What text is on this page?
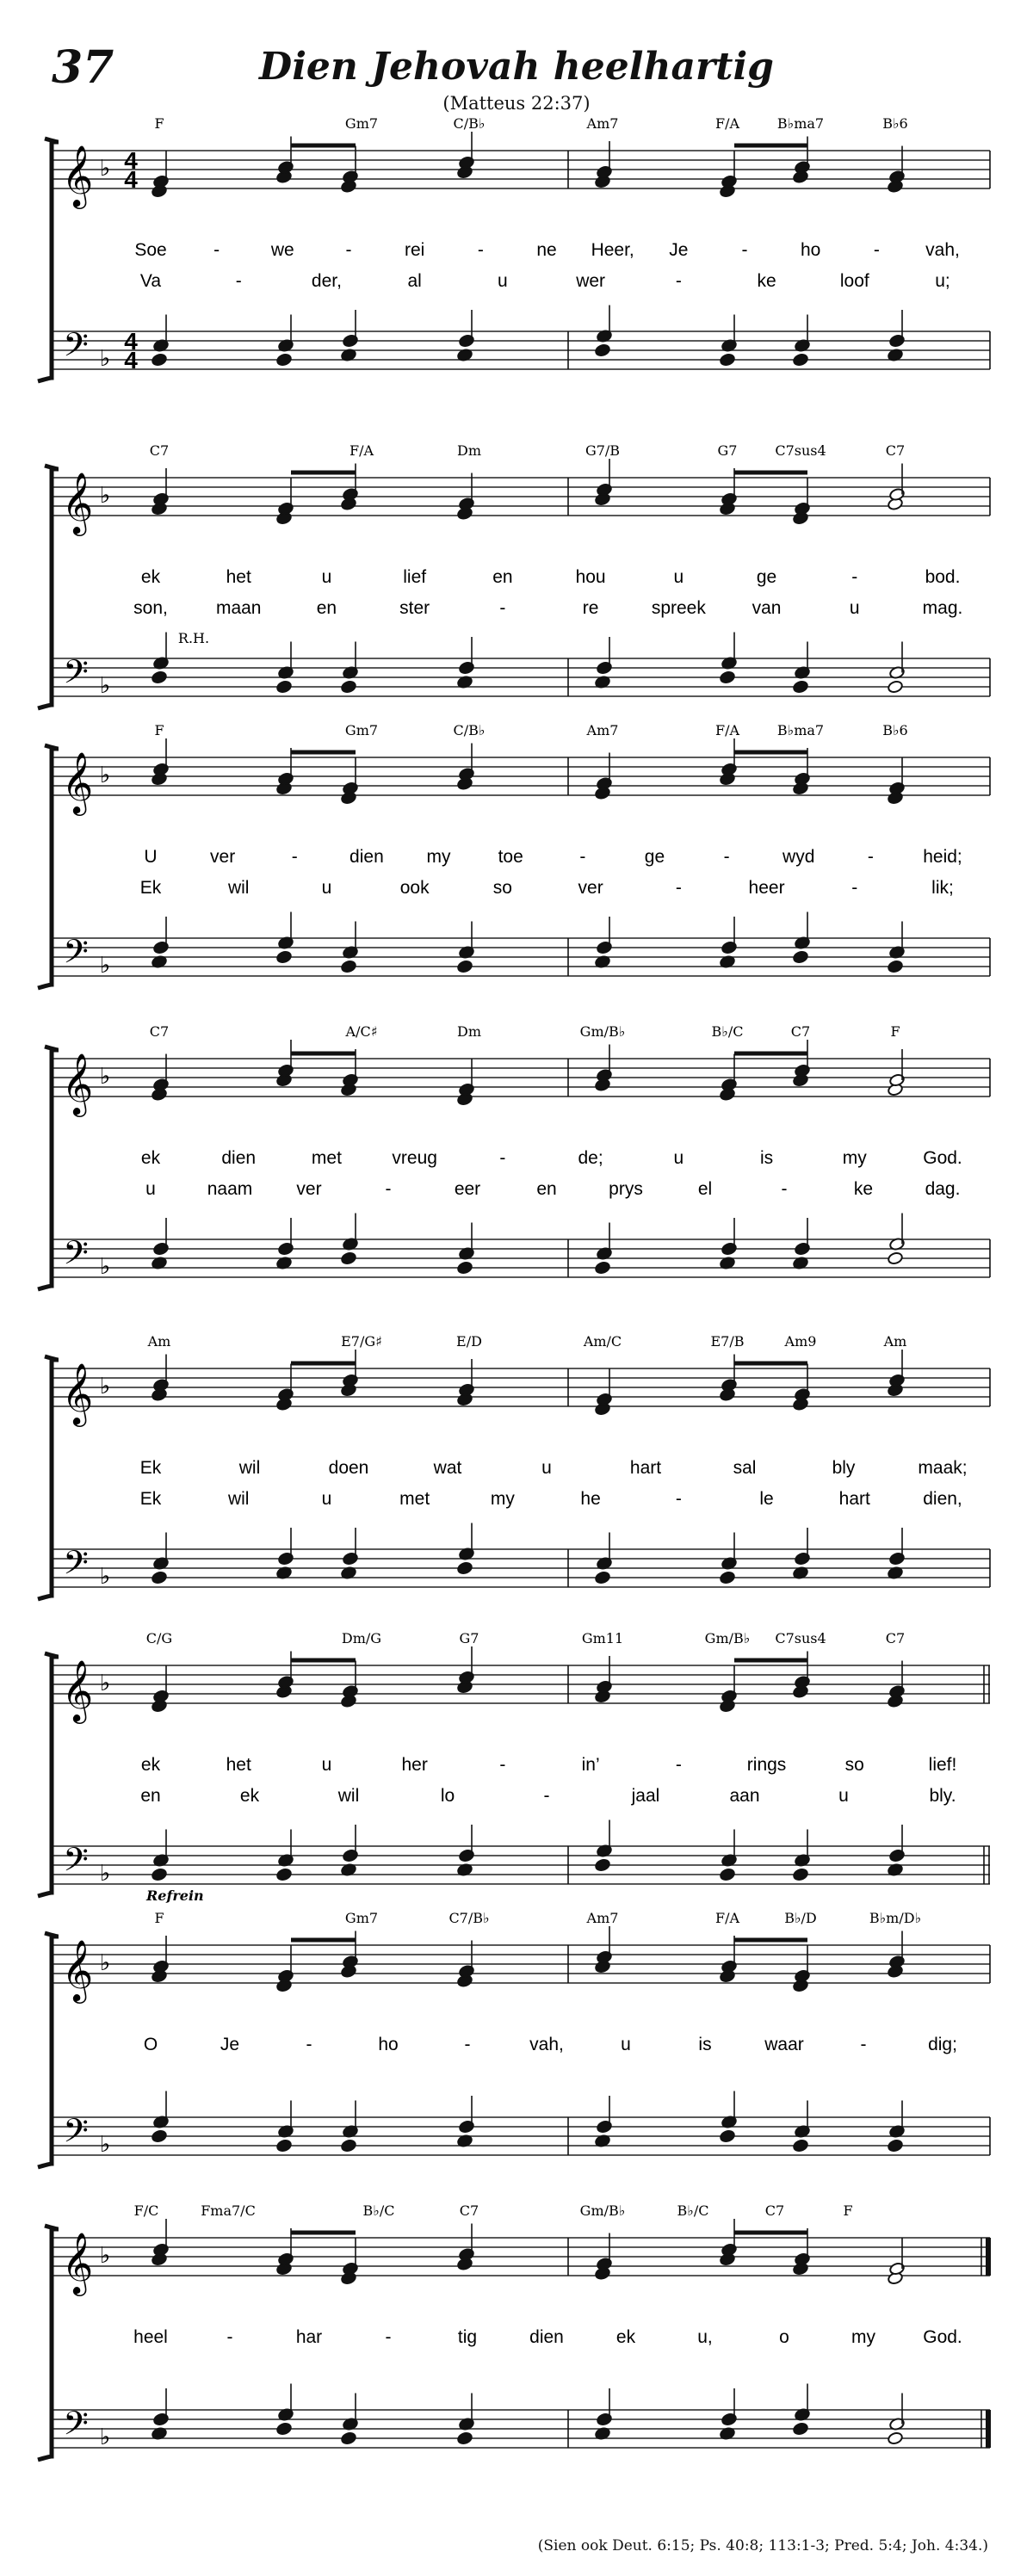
37	Dien Jehovah heelhartig
(Matteus 22:37)
𝄞
𝄢
♭
♭
4
4
4
4
F	Gm7	C/B♭	Am7	F/A	B♭ma7	B♭6
Soe	-	we	-	rei	-	ne Heer, Je	-	ho	-	vah,
Va	-	der,	al	u	wer	-	ke	loof	u;
𝄞
𝄢
♭
♭
C7	F/A	Dm	G7/B	G7	C7sus4	C7
R.H.
ek	het	u	lief	en	hou	u	ge	-	bod.
son,	maan	en	ster	-	re	spreek	van	u	mag.
𝄞
𝄢
♭
♭
F	Gm7	C/B♭	Am7	F/A	B♭ma7	B♭6
U	ver	-	dien my	toe	-	ge	-	wyd	-	heid;
Ek	wil	u	ook	so	ver	-	heer	-	lik;
𝄞
𝄢
♭
♭
C7	A/C♯	Dm	Gm/B♭	B♭/C	C7	F
ek	dien	met	vreug	-	de;	u	is	my	God.
u	naam ver	-	eer	en	prys	el	-	ke	dag.
𝄞
𝄢
♭
♭
Am	E7/G♯	E/D	Am/C	E7/B	Am9	Am
Ek	wil	doen	wat	u	hart	sal	bly	maak;
Ek	wil	u	met	my	he	-	le	hart	dien,
𝄞
𝄢
♭
♭
C/G	Dm/G	G7	Gm11	Gm/B♭ C7sus4	C7
ek	het	u	her	-	in’	-	rings	so	lief!
en	ek	wil	lo	-	jaal	aan	u	bly.
𝄞
𝄢
♭
♭
F	Gm7	C7/B♭	Am7	F/A	B♭/D	B♭m/D♭
Refrein
O	Je	-	ho	-	vah,	u	is	waar	-	dig;
𝄞
𝄢
♭
♭
F/C	Fma7/C	B♭/C	C7	Gm/B♭	B♭/C	C7	F
heel	-	har	-	tig	dien	ek	u,	o	my	God.
(Sien ook Deut. 6:15; Ps. 40:8; 113:1-3; Pred. 5:4; Joh. 4:34.)
